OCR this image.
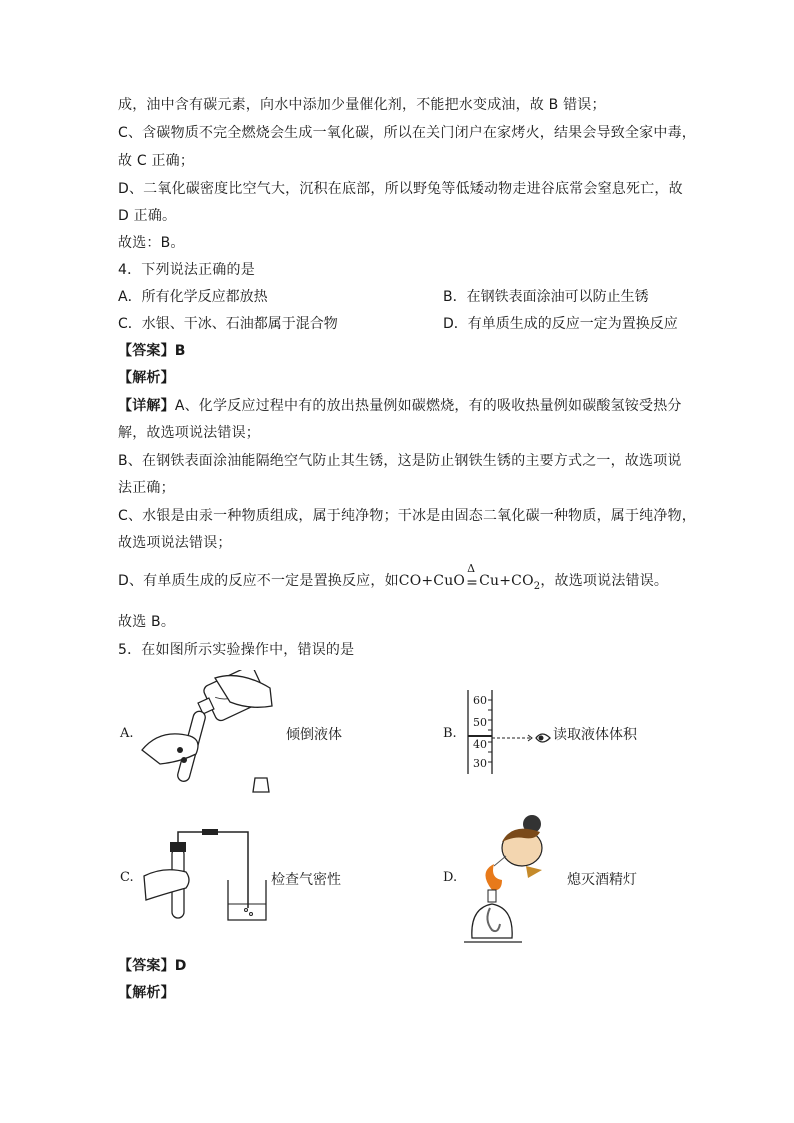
成，油中含有碳元素，向水中添加少量催化剂，不能把水变成油，故 B 错误；
C、含碳物质不完全燃烧会生成一氧化碳，所以在关门闭户在家烤火，结果会导致全家中毒，
故 C 正确；
D、二氧化碳密度比空气大，沉积在底部，所以野兔等低矮动物走进谷底常会窒息死亡，故
D 正确。
故选：B。
4．下列说法正确的是
A．所有化学反应都放热	B．在钢铁表面涂油可以防止生锈
C．水银、干冰、石油都属于混合物	D．有单质生成的反应一定为置换反应
【答案】B
【解析】
【详解】A、化学反应过程中有的放出热量例如碳燃烧，有的吸收热量例如碳酸氢铵受热分
解，故选项说法错误；
B、在钢铁表面涂油能隔绝空气防止其生锈，这是防止钢铁生锈的主要方式之一，故选项说
法正确；
C、水银是由汞一种物质组成，属于纯净物；干冰是由固态二氧化碳一种物质，属于纯净物，
故选项说法错误；
D、有单质生成的反应不一定是置换反应，如CO+CuO
Δ
= $Cu+CO_2$，故选项说法错误。
故选 B。
5．在如图所示实验操作中，错误的是
A.	倾倒液体	B.
60
50
40
30
读取液体体积
C.	检查气密性	D.	熄灭酒精灯
【答案】D
【解析】
